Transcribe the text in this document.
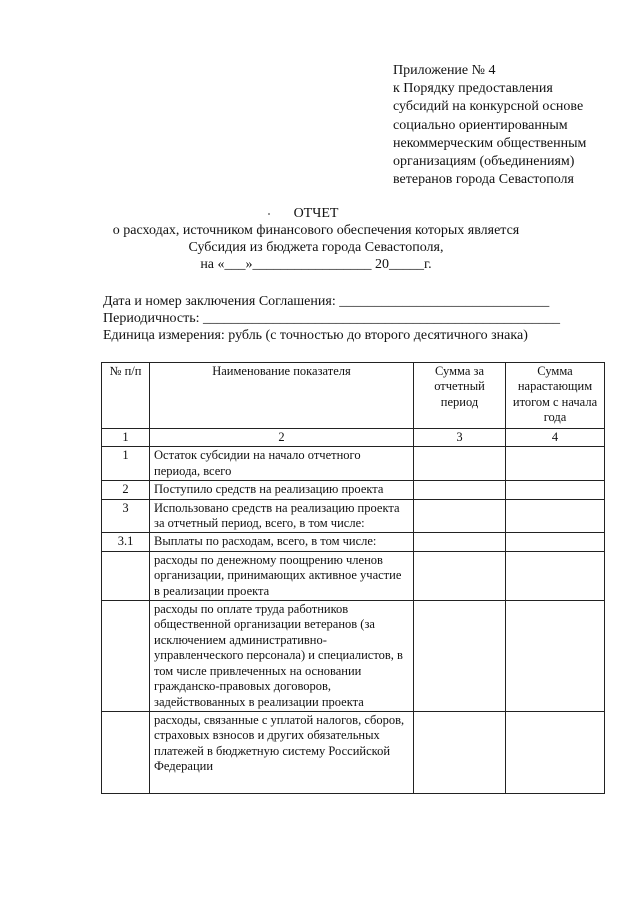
Приложение № 4
к Порядку предоставления
субсидий на конкурсной основе
социально ориентированным
некоммерческим общественным
организациям (объединениям)
ветеранов города Севастополя
ОТЧЕТ
о расходах, источником финансового обеспечения которых является
Субсидия из бюджета города Севастополя,
на «___»_________________ 20_____г.
Дата и номер заключения Соглашения: ______________________________
Периодичность: ___________________________________________________
Единица измерения: рубль (с точностью до второго десятичного знака)
№ п/п	Наименование показателя	Сумма за отчетный период	Сумма нарастающим итогом с начала года
1	2	3	4
1	Остаток субсидии на начало отчетного периода, всего		
2	Поступило средств на реализацию проекта		
3	Использовано средств на реализацию проекта за отчетный период, всего, в том числе:		
3.1	Выплаты по расходам, всего, в том числе:		
	расходы по денежному поощрению членов организации, принимающих активное участие в реализации проекта		
	расходы по оплате труда работников общественной организации ветеранов (за исключением административно-управленческого персонала) и специалистов, в том числе привлеченных на основании гражданско-правовых договоров, задействованных в реализации проекта		
	расходы, связанные с уплатой налогов, сборов, страховых взносов и других обязательных платежей в бюджетную систему Российской Федерации		
